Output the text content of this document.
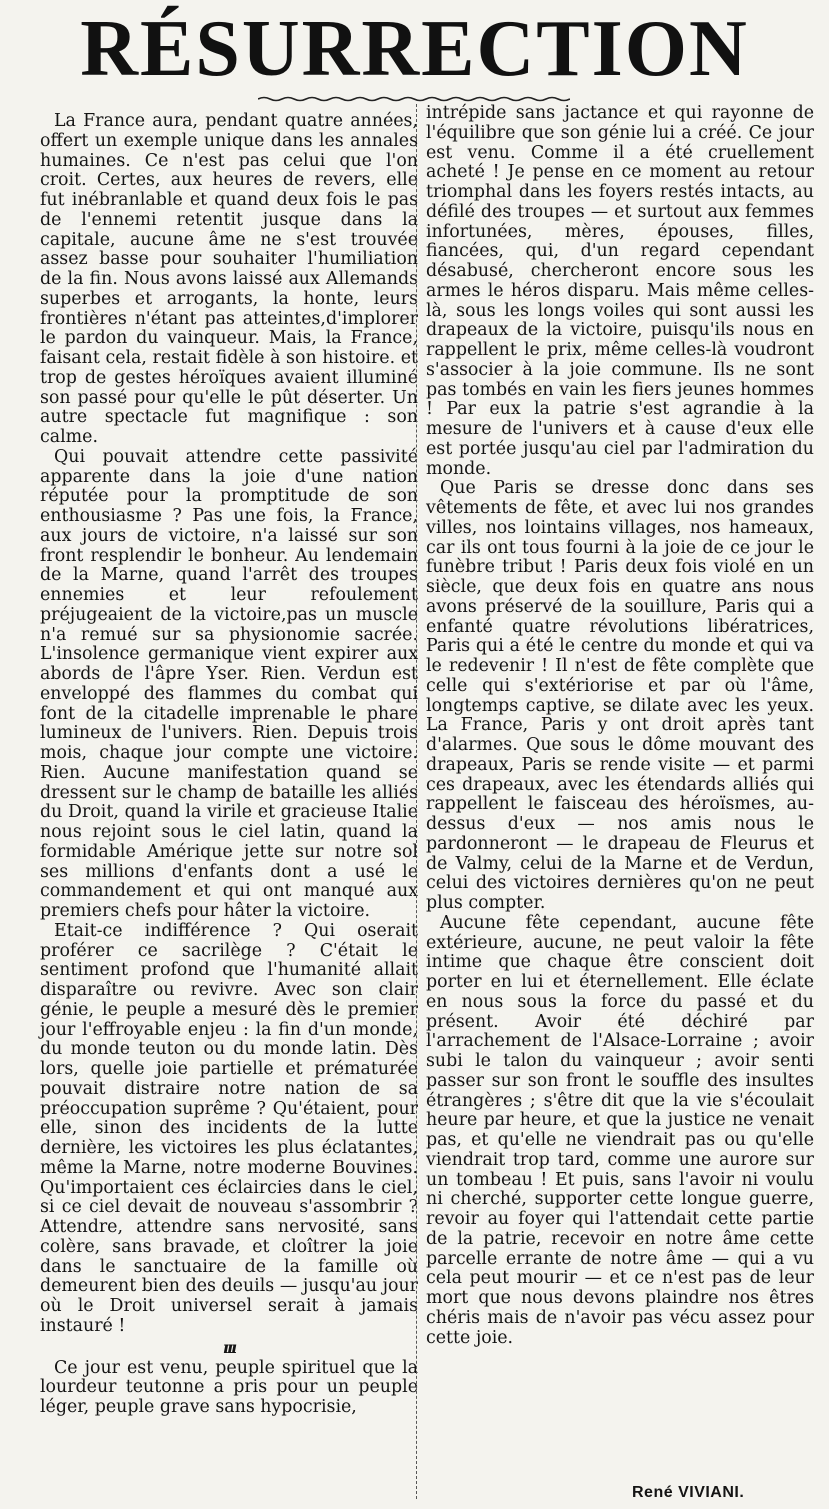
RÉSURRECTION

La France aura, pendant quatre années, offert un exemple unique dans les annales humaines. Ce n'est pas celui que l'on croit. Certes, aux heures de revers, elle fut inébranlable et quand deux fois le pas de l'ennemi retentit jusque dans la capitale, aucune âme ne s'est trouvée assez basse pour souhaiter l'humiliation de la fin. Nous avons laissé aux Allemands superbes et arrogants, la honte, leurs frontières n'étant pas atteintes,d'implorer le pardon du vainqueur. Mais, la France, faisant cela, restait fidèle à son histoire. et trop de gestes héroïques avaient illuminé son passé pour qu'elle le pût déserter. Un autre spectacle fut magnifique : son calme.

Qui pouvait attendre cette passivité apparente dans la joie d'une nation réputée pour la promptitude de son enthousiasme ? Pas une fois, la France, aux jours de victoire, n'a laissé sur son front resplendir le bonheur. Au lendemain de la Marne, quand l'arrêt des troupes ennemies et leur refoulement préjugeaient de la victoire,pas un muscle n'a remué sur sa physionomie sacrée. L'insolence germanique vient expirer aux abords de l'âpre Yser. Rien. Verdun est enveloppé des flammes du combat qui font de la citadelle imprenable le phare lumineux de l'univers. Rien. Depuis trois mois, chaque jour compte une victoire. Rien. Aucune manifestation quand se dressent sur le champ de bataille les alliés du Droit, quand la virile et gracieuse Italie nous rejoint sous le ciel latin, quand la formidable Amérique jette sur notre sol ses millions d'enfants dont a usé le commandement et qui ont manqué aux premiers chefs pour hâter la victoire.

Etait-ce indifférence ? Qui oserait proférer ce sacrilège ? C'était le sentiment profond que l'humanité allait disparaître ou revivre. Avec son clair génie, le peuple a mesuré dès le premier jour l'effroyable enjeu : la fin d'un monde, du monde teuton ou du monde latin. Dès lors, quelle joie partielle et prématurée pouvait distraire notre nation de sa préoccupation suprême ? Qu'étaient, pour elle, sinon des incidents de la lutte dernière, les victoires les plus éclatantes, même la Marne, notre moderne Bouvines. Qu'importaient ces éclaircies dans le ciel, si ce ciel devait de nouveau s'assombrir ? Attendre, attendre sans nervosité, sans colère, sans bravade, et cloîtrer la joie dans le sanctuaire de la famille où demeurent bien des deuils — jusqu'au jour où le Droit universel serait à jamais instauré !

ııı

Ce jour est venu, peuple spirituel que la lourdeur teutonne a pris pour un peuple léger, peuple grave sans hypocrisie,

intrépide sans jactance et qui rayonne de l'équilibre que son génie lui a créé. Ce jour est venu. Comme il a été cruellement acheté ! Je pense en ce moment au retour triomphal dans les foyers restés intacts, au défilé des troupes — et surtout aux femmes infortunées, mères, épouses, filles, fiancées, qui, d'un regard cependant désabusé, chercheront encore sous les armes le héros disparu. Mais même celles-là, sous les longs voiles qui sont aussi les drapeaux de la victoire, puisqu'ils nous en rappellent le prix, même celles-là voudront s'associer à la joie commune. Ils ne sont pas tombés en vain les fiers jeunes hommes ! Par eux la patrie s'est agrandie à la mesure de l'univers et à cause d'eux elle est portée jusqu'au ciel par l'admiration du monde.

Que Paris se dresse donc dans ses vêtements de fête, et avec lui nos grandes villes, nos lointains villages, nos hameaux, car ils ont tous fourni à la joie de ce jour le funèbre tribut ! Paris deux fois violé en un siècle, que deux fois en quatre ans nous avons préservé de la souillure, Paris qui a enfanté quatre révolutions libératrices, Paris qui a été le centre du monde et qui va le redevenir ! Il n'est de fête complète que celle qui s'extériorise et par où l'âme, longtemps captive, se dilate avec les yeux. La France, Paris y ont droit après tant d'alarmes. Que sous le dôme mouvant des drapeaux, Paris se rende visite — et parmi ces drapeaux, avec les étendards alliés qui rappellent le faisceau des héroïsmes, au-dessus d'eux — nos amis nous le pardonneront — le drapeau de Fleurus et de Valmy, celui de la Marne et de Verdun, celui des victoires dernières qu'on ne peut plus compter.

Aucune fête cependant, aucune fête extérieure, aucune, ne peut valoir la fête intime que chaque être conscient doit porter en lui et éternellement. Elle éclate en nous sous la force du passé et du présent. Avoir été déchiré par l'arrachement de l'Alsace-Lorraine ; avoir subi le talon du vainqueur ; avoir senti passer sur son front le souffle des insultes étrangères ; s'être dit que la vie s'écoulait heure par heure, et que la justice ne venait pas, et qu'elle ne viendrait pas ou qu'elle viendrait trop tard, comme une aurore sur un tombeau ! Et puis, sans l'avoir ni voulu ni cherché, supporter cette longue guerre, revoir au foyer qui l'attendait cette partie de la patrie, recevoir en notre âme cette parcelle errante de notre âme — qui a vu cela peut mourir — et ce n'est pas de leur mort que nous devons plaindre nos êtres chéris mais de n'avoir pas vécu assez pour cette joie.

René VIVIANI.
